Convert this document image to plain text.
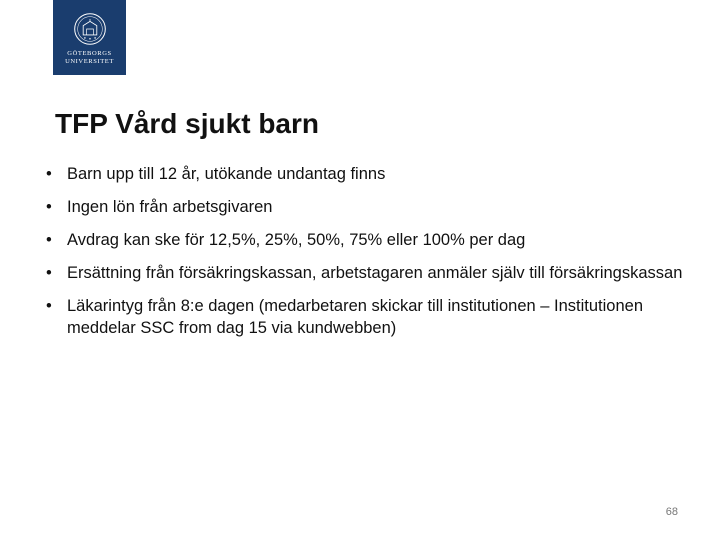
GÖTEBORGS
UNIVERSITET
TFP Vård sjukt barn
• Barn upp till 12 år, utökande undantag finns
• Ingen lön från arbetsgivaren
• Avdrag kan ske för 12,5%, 25%, 50%, 75% eller 100% per dag
• Ersättning från försäkringskassan, arbetstagaren anmäler själv till försäkringskassan
• Läkarintyg från 8:e dagen (medarbetaren skickar till institutionen – Institutionen meddelar SSC from dag 15 via kundwebben)
68
